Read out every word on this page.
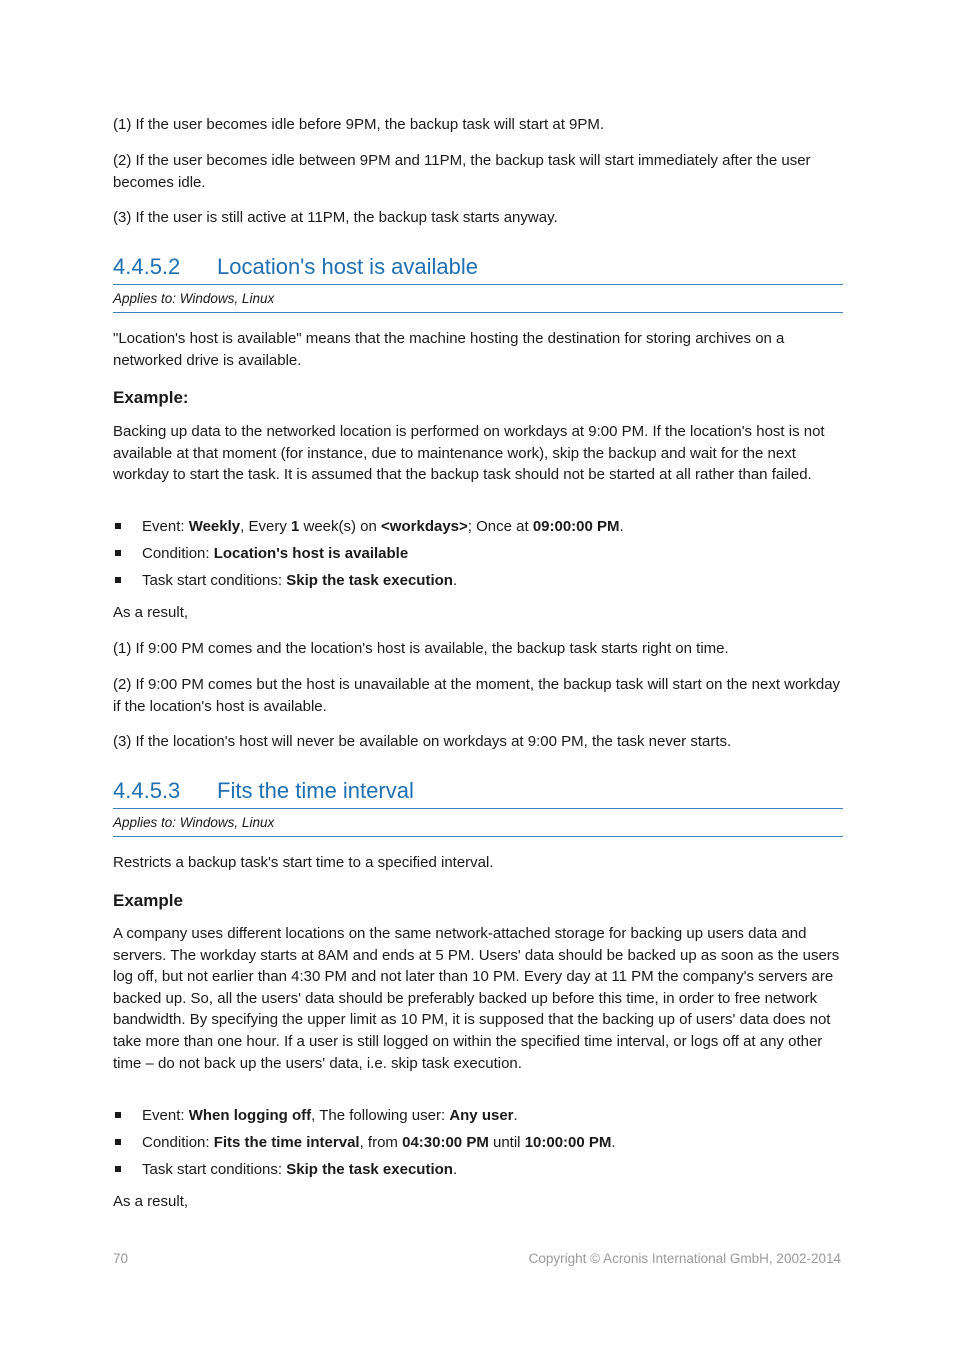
(1) If the user becomes idle before 9PM, the backup task will start at 9PM.

(2) If the user becomes idle between 9PM and 11PM, the backup task will start immediately after the user becomes idle.

(3) If the user is still active at 11PM, the backup task starts anyway.

4.4.5.2 Location's host is available
Applies to: Windows, Linux

"Location's host is available" means that the machine hosting the destination for storing archives on a networked drive is available.

Example:

Backing up data to the networked location is performed on workdays at 9:00 PM. If the location's host is not available at that moment (for instance, due to maintenance work), skip the backup and wait for the next workday to start the task. It is assumed that the backup task should not be started at all rather than failed.

Event: Weekly, Every 1 week(s) on <workdays>; Once at 09:00:00 PM.
Condition: Location's host is available
Task start conditions: Skip the task execution.

As a result,

(1) If 9:00 PM comes and the location's host is available, the backup task starts right on time.

(2) If 9:00 PM comes but the host is unavailable at the moment, the backup task will start on the next workday if the location's host is available.

(3) If the location's host will never be available on workdays at 9:00 PM, the task never starts.

4.4.5.3 Fits the time interval
Applies to: Windows, Linux

Restricts a backup task's start time to a specified interval.

Example

A company uses different locations on the same network-attached storage for backing up users data and servers. The workday starts at 8AM and ends at 5 PM. Users' data should be backed up as soon as the users log off, but not earlier than 4:30 PM and not later than 10 PM. Every day at 11 PM the company's servers are backed up. So, all the users' data should be preferably backed up before this time, in order to free network bandwidth. By specifying the upper limit as 10 PM, it is supposed that the backing up of users' data does not take more than one hour. If a user is still logged on within the specified time interval, or logs off at any other time – do not back up the users' data, i.e. skip task execution.

Event: When logging off, The following user: Any user.
Condition: Fits the time interval, from 04:30:00 PM until 10:00:00 PM.
Task start conditions: Skip the task execution.

As a result,

70	Copyright © Acronis International GmbH, 2002-2014
